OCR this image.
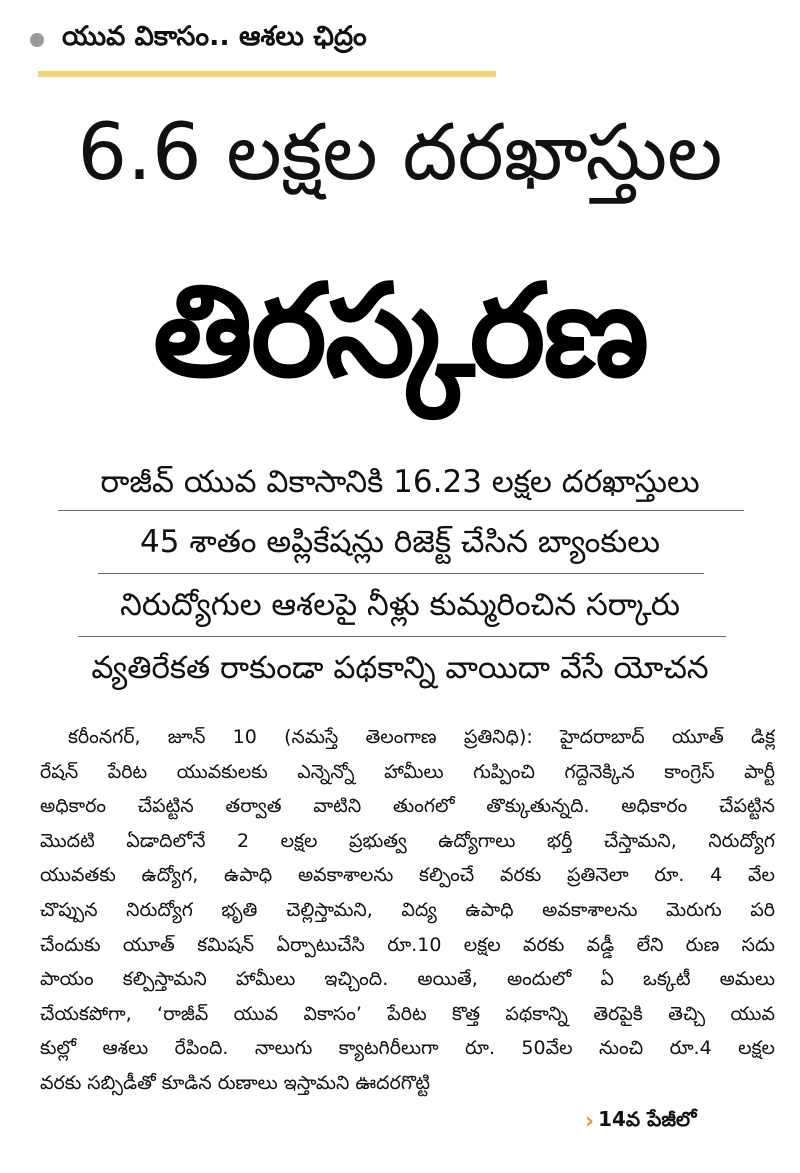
యువ వికాసం.. ఆశలు ఛిద్రం
6.6 లక్షల దరఖాస్తుల
తిరస్కరణ
రాజీవ్ యువ వికాసానికి 16.23 లక్షల దరఖాస్తులు
45 శాతం అప్లికేషన్లు రిజెక్ట్ చేసిన బ్యాంకులు
నిరుద్యోగుల ఆశలపై నీళ్లు కుమ్మరించిన సర్కారు
వ్యతిరేకత రాకుండా పథకాన్ని వాయిదా వేసే యోచన
కరీంనగర్, జూన్ 10 (నమస్తే తెలంగాణ ప్రతినిధి): హైదరాబాద్ యూత్ డిక్ల
రేషన్ పేరిట యువకులకు ఎన్నెన్నో హామీలు గుప్పించి గద్దెనెక్కిన కాంగ్రెస్ పార్టీ
అధికారం చేపట్టిన తర్వాత వాటిని తుంగలో తొక్కుతున్నది. అధికారం చేపట్టిన
మొదటి ఏడాదిలోనే 2 లక్షల ప్రభుత్వ ఉద్యోగాలు భర్తీ చేస్తామని, నిరుద్యోగ
యువతకు ఉద్యోగ, ఉపాధి అవకాశాలను కల్పించే వరకు ప్రతినెలా రూ. 4 వేల
చొప్పున నిరుద్యోగ భృతి చెల్లిస్తామని, విద్య ఉపాధి అవకాశాలను మెరుగు పరి
చేందుకు యూత్ కమిషన్ ఏర్పాటుచేసి రూ.10 లక్షల వరకు వడ్డీ లేని రుణ సదు
పాయం కల్పిస్తామని హామీలు ఇచ్చింది. అయితే, అందులో ఏ ఒక్కటీ అమలు
చేయకపోగా, ‘రాజీవ్ యువ వికాసం’ పేరిట కొత్త పథకాన్ని తెరపైకి తెచ్చి యువ
కుల్లో ఆశలు రేపింది. నాలుగు క్యాటగిరీలుగా రూ. 50వేల నుంచి రూ.4 లక్షల
వరకు సబ్సిడీతో కూడిన రుణాలు ఇస్తామని ఊదరగొట్టి
› 14వ పేజీలో
